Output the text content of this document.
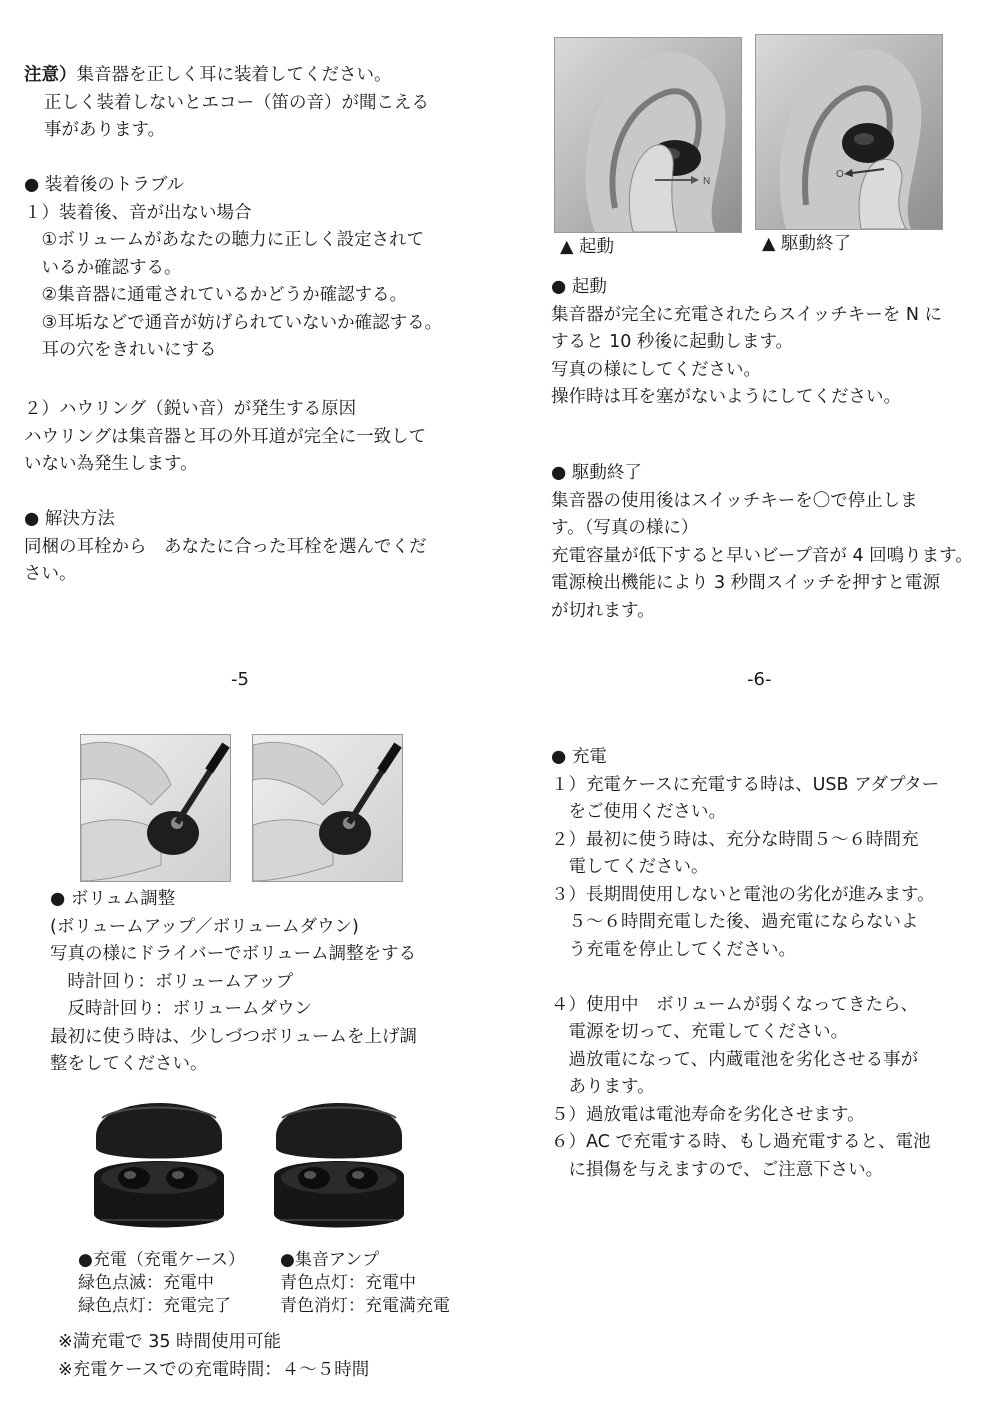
注意）集音器を正しく耳に装着してください。
正しく装着しないとエコー（笛の音）が聞こえる
事があります。
● 装着後のトラブル
１）装着後、音が出ない場合
　①ボリュームがあなたの聴力に正しく設定されて
　いるか確認する。
　②集音器に通電されているかどうか確認する。
　③耳垢などで通音が妨げられていないか確認する。
　耳の穴をきれいにする
２）ハウリング（鋭い音）が発生する原因
ハウリングは集音器と耳の外耳道が完全に一致して
いない為発生します。
● 解決方法
同梱の耳栓から　あなたに合った耳栓を選んでくだ
さい。
-5
N
O
▲ 起動	▲ 駆動終了
● 起動
集音器が完全に充電されたらスイッチキーを N に
すると 10 秒後に起動します。
写真の様にしてください。
操作時は耳を塞がないようにしてください。
● 駆動終了
集音器の使用後はスイッチキーを〇で停止しま
す。（写真の様に）
充電容量が低下すると早いビープ音が 4 回鳴ります。
電源検出機能により 3 秒間スイッチを押すと電源
が切れます。
-6-
● ボリュム調整
(ボリュームアップ／ボリュームダウン)
写真の様にドライバーでボリューム調整をする
　時計回り：ボリュームアップ
　反時計回り：ボリュームダウン
最初に使う時は、少しづつボリュームを上げ調
整をしてください。
●充電（充電ケース）
緑色点滅：充電中
緑色点灯：充電完了
●集音アンプ
青色点灯：充電中
青色消灯：充電満充電
※満充電で 35 時間使用可能
※充電ケースでの充電時間：４～５時間
● 充電
１）充電ケースに充電する時は、USB アダプター
　をご使用ください。
２）最初に使う時は、充分な時間５～６時間充
　電してください。
３）長期間使用しないと電池の劣化が進みます。
　５～６時間充電した後、過充電にならないよ
　う充電を停止してください。
４）使用中　ボリュームが弱くなってきたら、
　電源を切って、充電してください。
　過放電になって、内蔵電池を劣化させる事が
　あります。
５）過放電は電池寿命を劣化させます。
６）AC で充電する時、もし過充電すると、電池
　に損傷を与えますので、ご注意下さい。
